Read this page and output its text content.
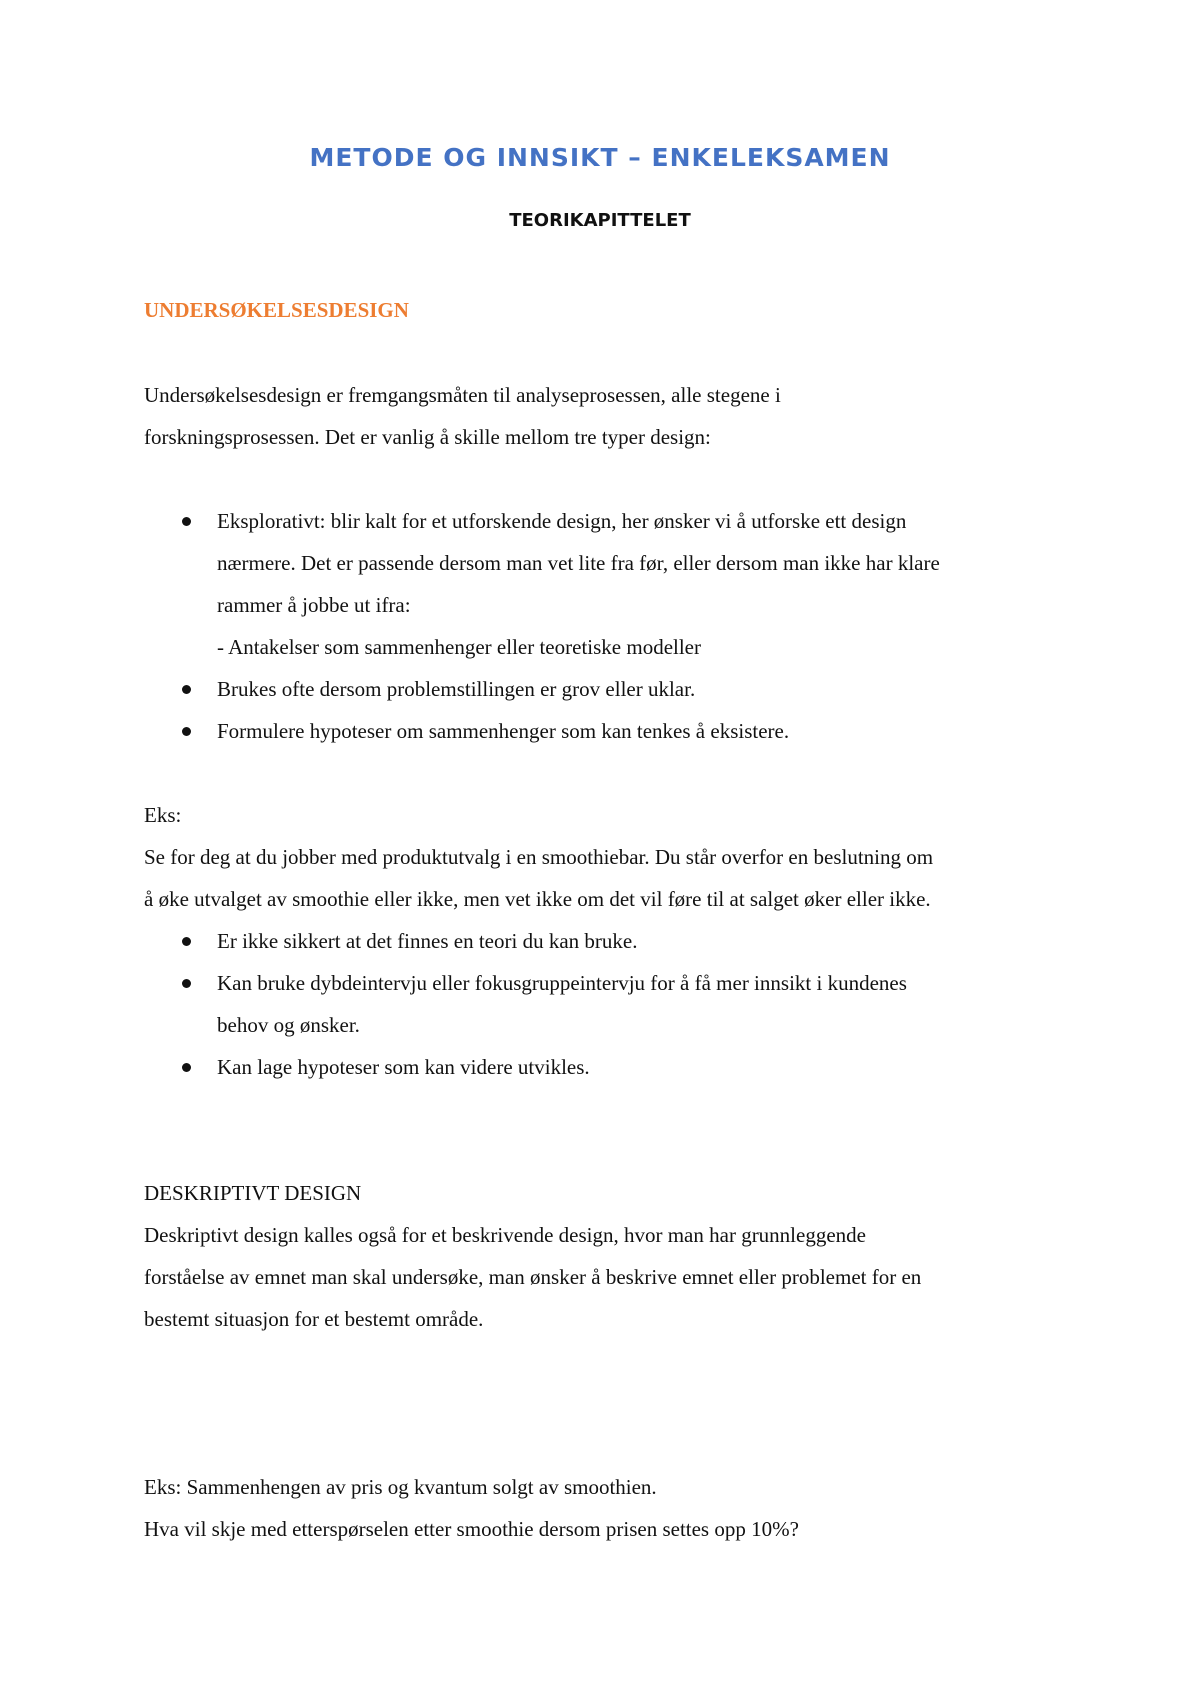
METODE OG INNSIKT – ENKELEKSAMEN
TEORIKAPITTELET
UNDERSØKELSESDESIGN

Undersøkelsesdesign er fremgangsmåten til analyseprosessen, alle stegene i
forskningsprosessen. Det er vanlig å skille mellom tre typer design:

Eksplorativt: blir kalt for et utforskende design, her ønsker vi å utforske ett design
nærmere. Det er passende dersom man vet lite fra før, eller dersom man ikke har klare
rammer å jobbe ut ifra:
- Antakelser som sammenhenger eller teoretiske modeller
Brukes ofte dersom problemstillingen er grov eller uklar.
Formulere hypoteser om sammenhenger som kan tenkes å eksistere.

Eks:
Se for deg at du jobber med produktutvalg i en smoothiebar. Du står overfor en beslutning om
å øke utvalget av smoothie eller ikke, men vet ikke om det vil føre til at salget øker eller ikke.

Er ikke sikkert at det finnes en teori du kan bruke.
Kan bruke dybdeintervju eller fokusgruppeintervju for å få mer innsikt i kundenes
behov og ønsker.
Kan lage hypoteser som kan videre utvikles.

DESKRIPTIVT DESIGN
Deskriptivt design kalles også for et beskrivende design, hvor man har grunnleggende
forståelse av emnet man skal undersøke, man ønsker å beskrive emnet eller problemet for en
bestemt situasjon for et bestemt område.

Eks: Sammenhengen av pris og kvantum solgt av smoothien.
Hva vil skje med etterspørselen etter smoothie dersom prisen settes opp 10%?
